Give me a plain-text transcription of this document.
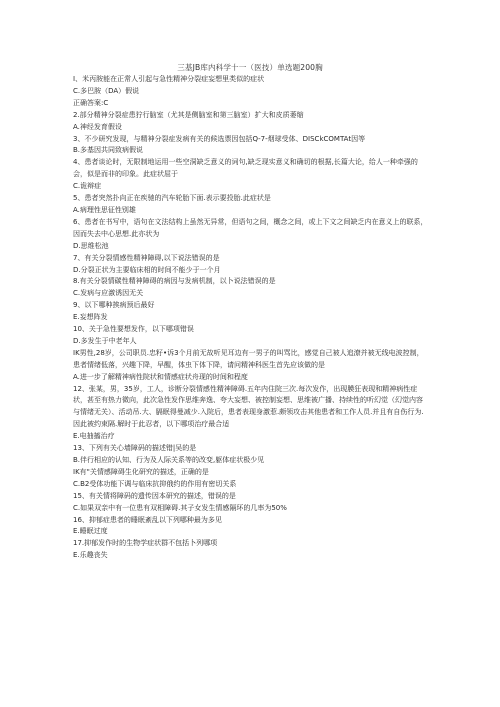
三基JB库内科学十一（医技）单选题200胸
I、米丙胺能在正常人引起与急性精神分裂症妄想里类似的症状
C.多巴胺（DA）假说
正确答案:C
2.部分精神分裂症患狞行脑室（尤其是侧脑室和第三脑室）扩大和皮质萎缩
A.神经发育假设
3、不少研究发现，与精神分裂症发病有关的候选票因包括Q-7-烟球受体、DISCkCOMTAt因等
B.多基因共同致病假说
4、患者谈论时，无限制地运用一些空洞缺乏意义的词句,缺乏现实意义和确切的根据,长篇大论，给人一种牵强的会，似是而非的印象。此症状屈于
C.诡辩症
5、患者突然扑向正在疾驰的汽车轮胎下面.表示要投胎.此症状是
A.病理性思征性别雄
6、患者在书写中，语句在文法结构上虽然无异常，但语句之间，概念之间，或上下文之间缺乏内在意义上的联系，因而失去中心思想.此亦状为
D.思维松池
7、有关分裂情感性精神障碍,以下说法错误的是
D.分裂正状为主要临床相的时间不能少于一个月
8.有关分裂情碳性精神障碍的病因与发病机制，以卜说法错误的是
C.发病与应激诱因无关
9、以下哪种挨病预后最好
E.妄想阵发
10、关于急性要想发作，以下哪项错误
D.多发生于中老年人
IK男性,28岁，公司职员.忠籽•诉3个月前无故听见耳边有一男子的叫骂比，感觉自己被人追潦并被无线电波控制，患者情绪低落，兴趣下降，早醒，体虫下体下降，请问精神科医生首先应该做的是
A.进一步了解精神病性院状和情感症状舟现的时间和程度
12、张某，男，35岁，工人，诊断分裂情感性精神障碍.五年内住院三次.每次发作，出现膜狂表现和精神病性症状，甚至有热力微向，此次急性发作思维奔逸、夸大妄想、被控制妄想、思维被广播、持续性的听幻觉（幻觉内容与情绪无关）、活动吊.大、膈眠得曼减少.入院后，患者表现身激惹.颇领攻击其他患者和工作人员.并且有自伤行为.因此被约束隔.解时于此忍者，以下哪项治疗最合适
E.电抽搐治疗
13、下列有关心墙障码的描述错|吴的是
B.伴行相应的认知、行为及人际关系等的改变,躯体症状极少见
IK有"关情感障碍生化研究的描述，正确的是
C.B2受体功能下调与临床抗抑俄约的作用有密切关系
15、有关情将障码的遗传因本研究的描述，错误的是
C.如果双亲中有一位患有双相障碍.其子女发生情感隔环的几率为50%
16、抑郁症患者的睡眠紊乱以下列哪种最为多见
E.睡眠过度
17.抑郁发作时的生物学症状群不包括卜列哪项
E.乐趣丧失
